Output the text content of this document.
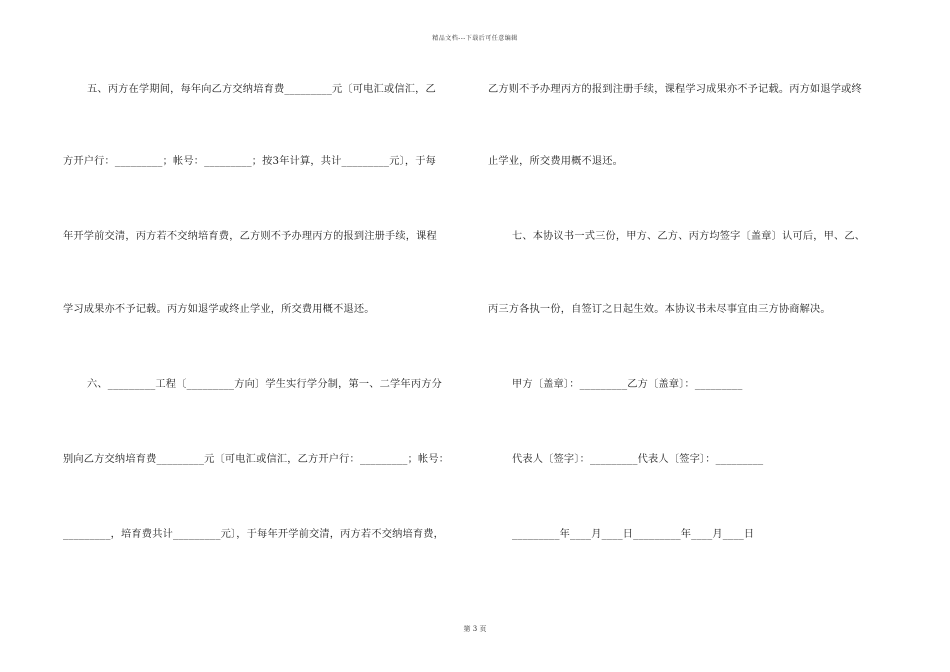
精品文档---下载后可任意编辑
五、丙方在学期间，每年向乙方交纳培育费_________元〔可电汇或信汇，乙
方开户行：_________；帐号：_________；按3年计算，共计_________元〕，于每
年开学前交清，丙方若不交纳培育费，乙方则不予办理丙方的报到注册手续，课程
学习成果亦不予记载。丙方如退学或终止学业，所交费用概不退还。
六、_________工程〔_________方向〕学生实行学分制，第一、二学年丙方分
别向乙方交纳培育费_________元〔可电汇或信汇，乙方开户行：_________；帐号：
_________，培育费共计_________元〕，于每年开学前交清，丙方若不交纳培育费，
乙方则不予办理丙方的报到注册手续，课程学习成果亦不予记载。丙方如退学或终
止学业，所交费用概不退还。
七、本协议书一式三份，甲方、乙方、丙方均签字〔盖章〕认可后，甲、乙、
丙三方各执一份，自签订之日起生效。本协议书未尽事宜由三方协商解决。
甲方〔盖章〕：_________乙方〔盖章〕：_________
代表人〔签字〕：_________代表人〔签字〕：_________
_________年____月____日_________年____月____日
第 3 页
